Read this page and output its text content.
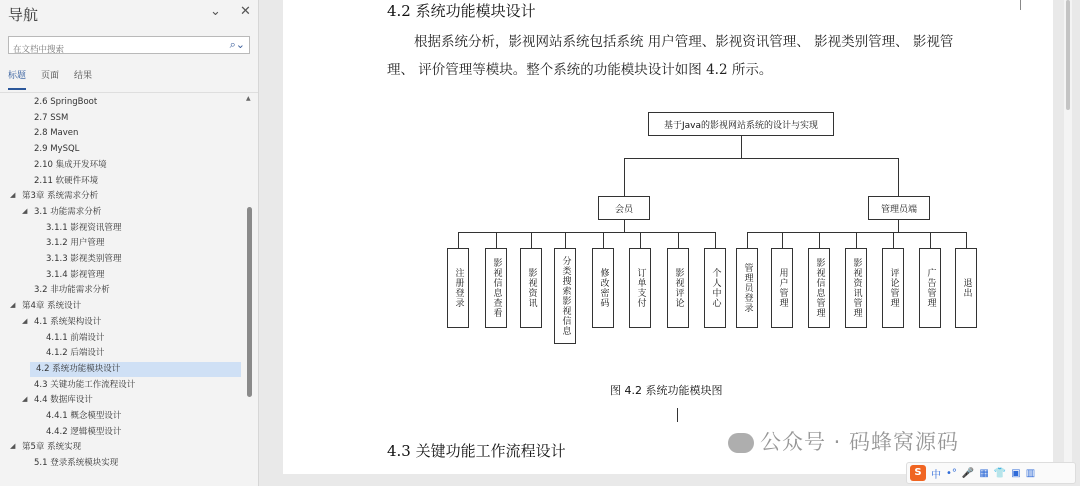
导航	⌄ ✕
在文档中搜索
⌕⌄
标题 页面 结果
2.6 SpringBoot
2.7 SSM
2.8 Maven
2.9 MySQL
2.10 集成开发环境
2.11 软硬件环境
第3章 系统需求分析
◢
3.1 功能需求分析
◢
3.1.1 影视资讯管理
3.1.2 用户管理
3.1.3 影视类别管理
3.1.4 影视管理
3.2 非功能需求分析
第4章 系统设计
◢
4.1 系统架构设计
◢
4.1.1 前端设计
4.1.2 后端设计
4.2 系统功能模块设计
4.3 关键功能工作流程设计
4.4 数据库设计
◢
4.4.1 概念模型设计
4.4.2 逻辑模型设计
第5章 系统实现
◢
5.1 登录系统模块实现
▲
4.2 系统功能模块设计
根据系统分析，影视网站系统包括系统 用户管理、影视资讯管理、 影视类别管理、 影视管理、 评价管理等模块。整个系统的功能模块设计如图 4.2 所示。
基于Java的影视网站系统的设计与实现
会员	管理员端
注册登录	影视信息查看	影视资讯	分类搜索影视信息	修改密码	订单支付	影视评论	个人中心 管理员登录	用户管理	影视信息管理	影视资讯管理	评论管理	广告管理	退出
图 4.2 系统功能模块图
4.3 关键功能工作流程设计	公众号 · 码蜂窝源码
S 中 •° 🎤 ▦ 👕 ▣ ▥
